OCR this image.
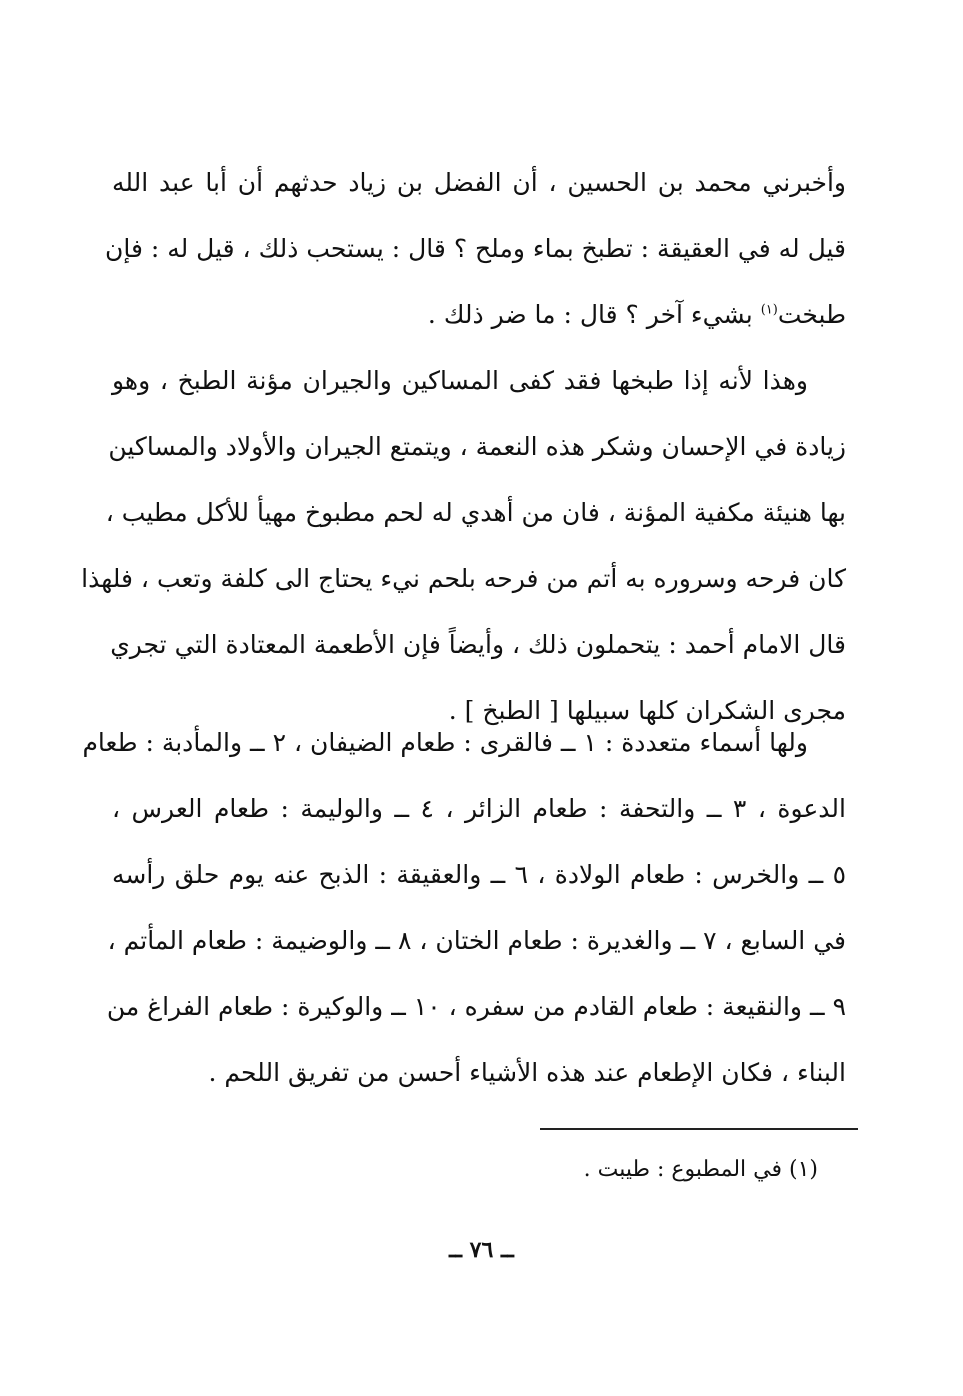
وأخبرني محمد بن الحسين ، أن الفضل بن زياد حدثهم أن أبا عبد الله
قيل له في العقيقة : تطبخ بماء وملح ؟ قال : يستحب ذلك ، قيل له : فإن
طبخت$^{(١)}$ بشيء آخر ؟ قال : ما ضر ذلك .
وهذا لأنه إذا طبخها فقد كفى المساكين والجيران مؤنة الطبخ ، وهو
زيادة في الإحسان وشكر هذه النعمة ، ويتمتع الجيران والأولاد والمساكين
بها هنيئة مكفية المؤنة ، فان من أهدي له لحم مطبوخ مهيأ للأكل مطيب ،
كان فرحه وسروره به أتم من فرحه بلحم نيء يحتاج الى كلفة وتعب ، فلهذا
قال الامام أحمد : يتحملون ذلك ، وأيضاً فإن الأطعمة المعتادة التي تجري
مجرى الشكران كلها سبيلها [ الطبخ ] .
ولها أسماء متعددة : ١ ــ فالقرى : طعام الضيفان ، ٢ ــ والمأدبة : طعام
الدعوة ، ٣ ــ والتحفة : طعام الزائر ، ٤ ــ والوليمة : طعام العرس ،
٥ ــ والخرس : طعام الولادة ، ٦ ــ والعقيقة : الذبح عنه يوم حلق رأسه
في السابع ، ٧ ــ والغديرة : طعام الختان ، ٨ ــ والوضيمة : طعام المأتم ،
٩ ــ والنقيعة : طعام القادم من سفره ، ١٠ ــ والوكيرة : طعام الفراغ من
البناء ، فكان الإطعام عند هذه الأشياء أحسن من تفريق اللحم .
(١) في المطبوع : طيبت .
ــ ٧٦ ــ
